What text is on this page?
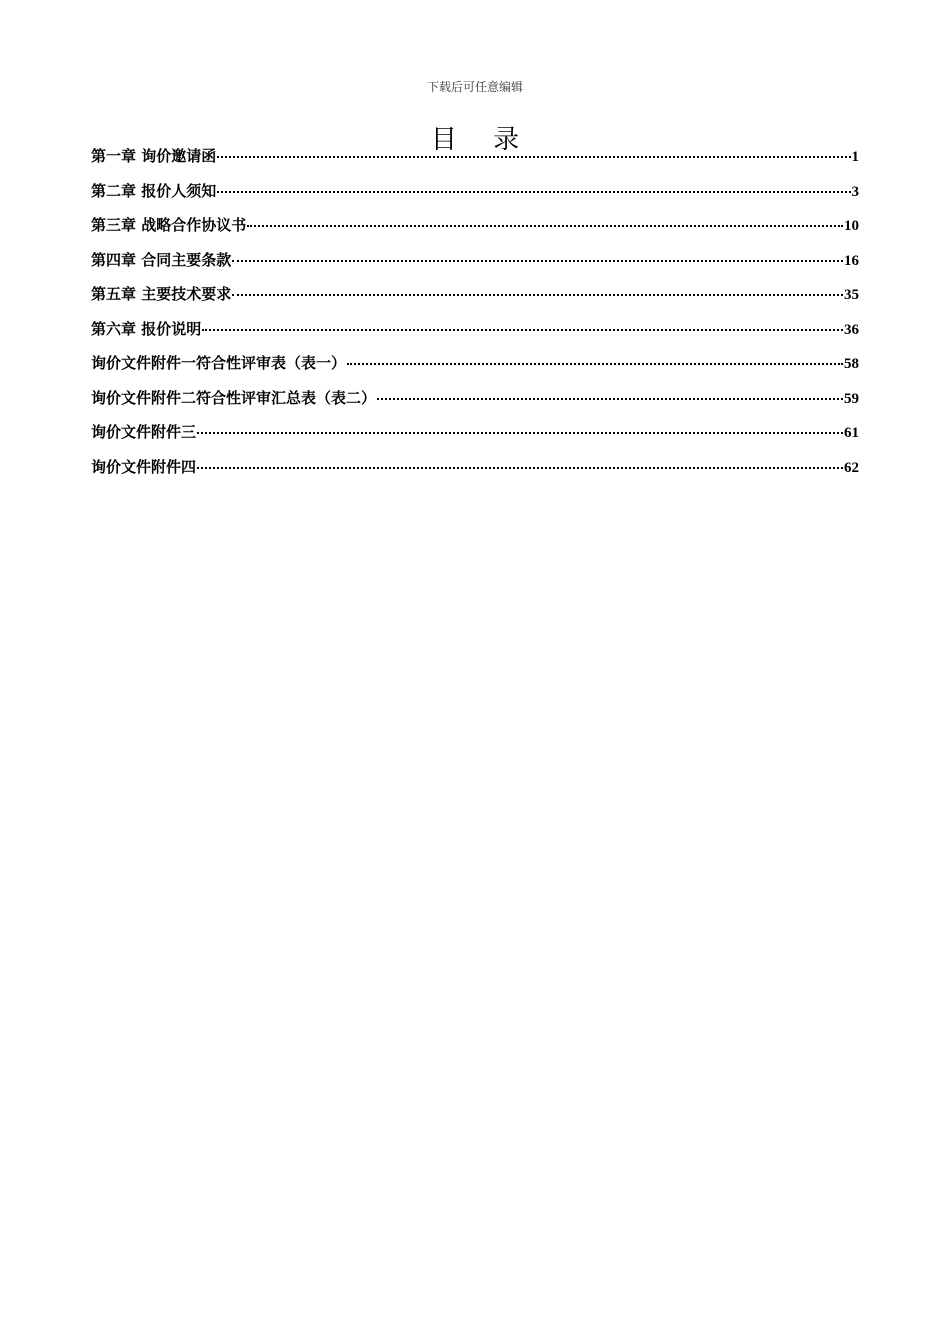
下载后可任意编辑
目 录
第一章 询价邀请函	1
第二章 报价人须知	3
第三章 战略合作协议书	10
第四章 合同主要条款	16
第五章 主要技术要求	35
第六章 报价说明	36
询价文件附件一符合性评审表（表一）	58
询价文件附件二符合性评审汇总表（表二）	59
询价文件附件三	61
询价文件附件四	62
